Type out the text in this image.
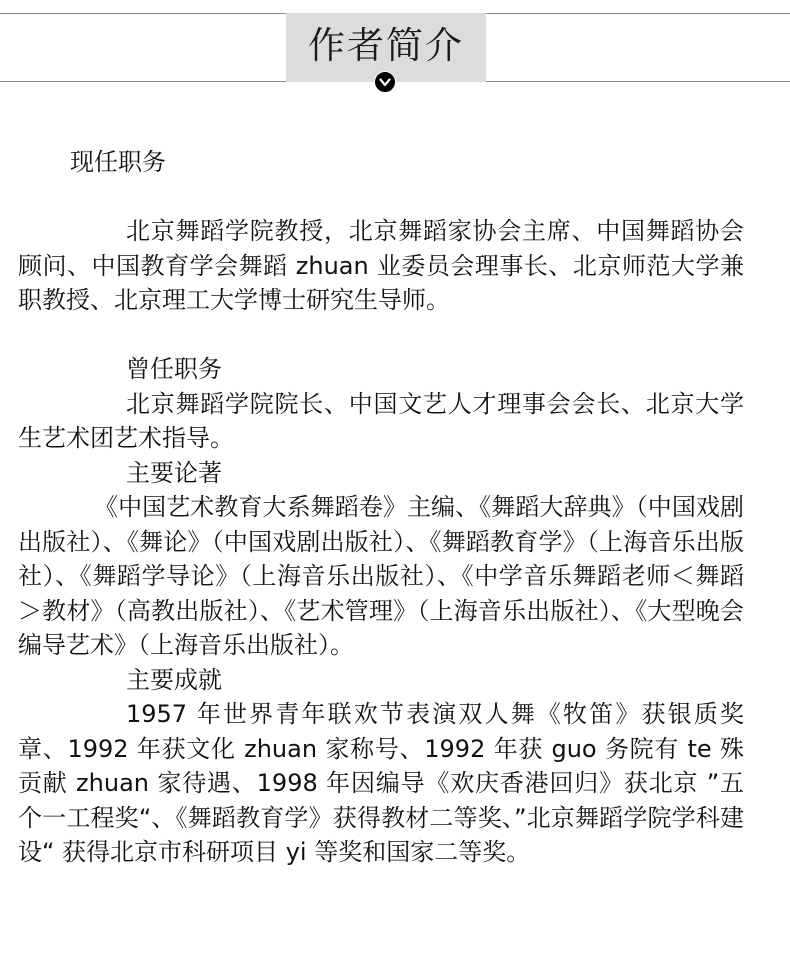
作者简介

现任职务

北京舞蹈学院教授，北京舞蹈家协会主席、中国舞蹈协会顾问、中国教育学会舞蹈 zhuan 业委员会理事长、北京师范大学兼职教授、北京理工大学博士研究生导师。

曾任职务

北京舞蹈学院院长、中国文艺人才理事会会长、北京大学生艺术团艺术指导。

主要论著

《中国艺术教育大系舞蹈卷》主编、《舞蹈大辞典》（中国戏剧出版社）、《舞论》（中国戏剧出版社）、《舞蹈教育学》（上海音乐出版社）、《舞蹈学导论》（上海音乐出版社）、《中学音乐舞蹈老师＜舞蹈＞教材》（高教出版社）、《艺术管理》（上海音乐出版社）、《大型晚会编导艺术》（上海音乐出版社）。

主要成就

1957 年世界青年联欢节表演双人舞《牧笛》获银质奖章、1992 年获文化 zhuan 家称号、1992 年获 guo 务院有 te 殊贡献 zhuan 家待遇、1998 年因编导《欢庆香港回归》获北京 ”五个一工程奖“、《舞蹈教育学》获得教材二等奖、”北京舞蹈学院学科建设“ 获得北京市科研项目 yi 等奖和国家二等奖。
